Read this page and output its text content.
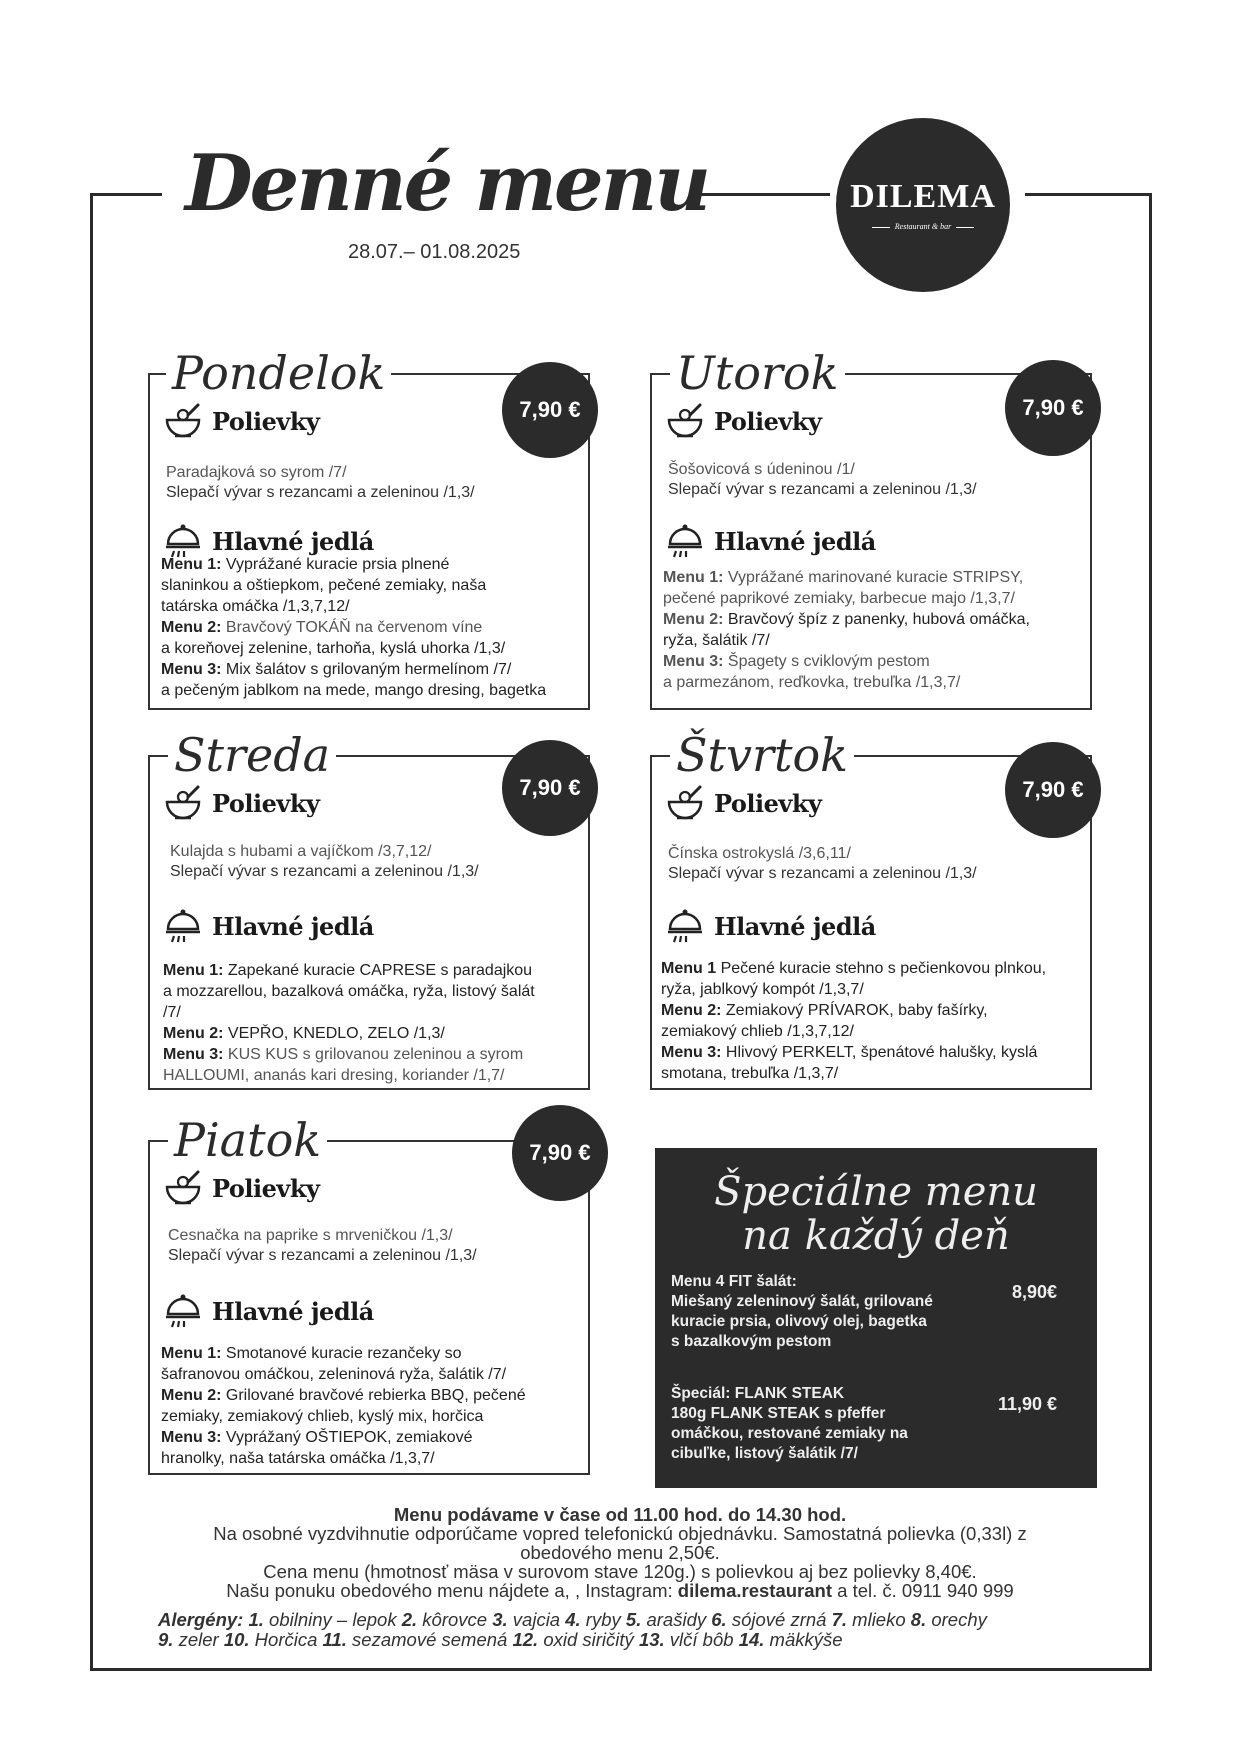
Denné menu
28.07.– 01.08.2025
DILEMA
Restaurant & bar
Pondelok
7,90 €
Polievky
Paradajková so syrom /7/
Slepačí vývar s rezancami a zeleninou /1,3/
Hlavné jedlá
Menu 1: Vyprážané kuracie prsia plnené
slaninkou a oštiepkom, pečené zemiaky, naša
tatárska omáčka /1,3,7,12/
Menu 2: Bravčový TOKÁŇ na červenom víne
a koreňovej zelenine, tarhoňa, kyslá uhorka /1,3/
Menu 3: Mix šalátov s grilovaným hermelínom /7/
a pečeným jablkom na mede, mango dresing, bagetka
Utorok
7,90 €
Polievky
Šošovicová s údeninou /1/
Slepačí vývar s rezancami a zeleninou /1,3/
Hlavné jedlá
Menu 1: Vyprážané marinované kuracie STRIPSY,
pečené paprikové zemiaky, barbecue majo /1,3,7/
Menu 2: Bravčový špíz z panenky, hubová omáčka,
ryža, šalátik /7/
Menu 3: Špagety s cviklovým pestom
a parmezánom, reďkovka, trebuľka /1,3,7/
Streda
7,90 €
Polievky
Kulajda s hubami a vajíčkom /3,7,12/
Slepačí vývar s rezancami a zeleninou /1,3/
Hlavné jedlá
Menu 1: Zapekané kuracie CAPRESE s paradajkou
a mozzarellou, bazalková omáčka, ryža, listový šalát
/7/
Menu 2: VEPŘO, KNEDLO, ZELO /1,3/
Menu 3: KUS KUS s grilovanou zeleninou a syrom
HALLOUMI, ananás kari dresing, koriander /1,7/
Štvrtok
7,90 €
Polievky
Čínska ostrokyslá /3,6,11/
Slepačí vývar s rezancami a zeleninou /1,3/
Hlavné jedlá
Menu 1 Pečené kuracie stehno s pečienkovou plnkou,
ryža, jablkový kompót /1,3,7/
Menu 2: Zemiakový PRÍVAROK, baby fašírky,
zemiakový chlieb /1,3,7,12/
Menu 3: Hlivový PERKELT, špenátové halušky, kyslá
smotana, trebuľka /1,3,7/
Piatok	7,90 €
Polievky
Cesnačka na paprike s mrveničkou /1,3/
Slepačí vývar s rezancami a zeleninou /1,3/
Hlavné jedlá
Menu 1: Smotanové kuracie rezančeky so
šafranovou omáčkou, zeleninová ryža, šalátik /7/
Menu 2: Grilované bravčové rebierka BBQ, pečené
zemiaky, zemiakový chlieb, kyslý mix, horčica
Menu 3: Vyprážaný OŠTIEPOK, zemiakové
hranolky, naša tatárska omáčka /1,3,7/
Špeciálne menu
na každý deň
Menu 4 FIT šalát:
Miešaný zeleninový šalát, grilované
kuracie prsia, olivový olej, bagetka
s bazalkovým pestom
8,90€
Špeciál: FLANK STEAK
180g FLANK STEAK s pfeffer
omáčkou, restované zemiaky na
cibuľke, listový šalátik /7/
11,90 €
Menu podávame v čase od 11.00 hod. do 14.30 hod.
Na osobné vyzdvihnutie odporúčame vopred telefonickú objednávku. Samostatná polievka (0,33l) z
obedového menu 2,50€.
Cena menu (hmotnosť mäsa v surovom stave 120g.) s polievkou aj bez polievky 8,40€.
Našu ponuku obedového menu nájdete a, , Instagram: dilema.restaurant a tel. č. 0911 940 999
Alergény: 1. obilniny – lepok 2. kôrovce 3. vajcia 4. ryby 5. arašidy 6. sójové zrná 7. mlieko 8. orechy
9. zeler 10. Horčica 11. sezamové semená 12. oxid siričitý 13. vlčí bôb 14. mäkkýše
